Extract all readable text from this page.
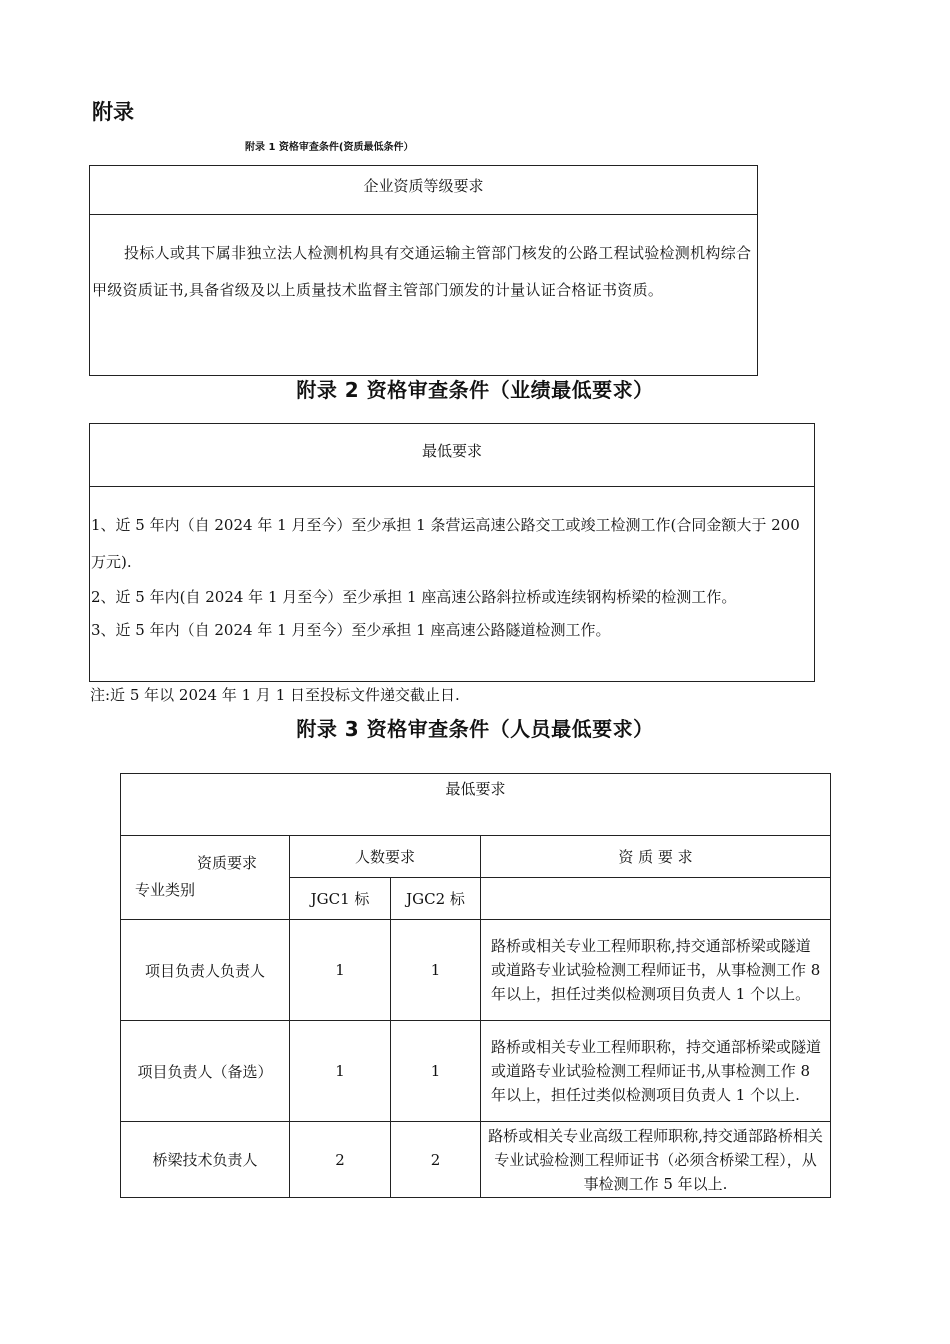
附录
附录 1 资格审查条件(资质最低条件）
企业资质等级要求
投标人或其下属非独立法人检测机构具有交通运输主管部门核发的公路工程试验检测机构综合甲级资质证书,具备省级及以上质量技术监督主管部门颁发的计量认证合格证书资质。
附录 2 资格审查条件（业绩最低要求）
最低要求
1、近 5 年内（自 2024 年 1 月至今）至少承担 1 条营运高速公路交工或竣工检测工作(合同金额大于 200 万元).
2、近 5 年内(自 2024 年 1 月至今）至少承担 1 座高速公路斜拉桥或连续钢构桥梁的检测工作。
3、近 5 年内（自 2024 年 1 月至今）至少承担 1 座高速公路隧道检测工作。
注:近 5 年以 2024 年 1 月 1 日至投标文件递交截止日.
附录 3 资格审查条件（人员最低要求）
最低要求			

资质要求
专业类别	人数要求		资 质 要 求
	JGC1 标	JGC2 标	
项目负责人负责人	1	1	路桥或相关专业工程师职称,持交通部桥梁或隧道或道路专业试验检测工程师证书，从事检测工作 8 年以上，担任过类似检测项目负责人 1 个以上。
项目负责人（备选）	1	1	路桥或相关专业工程师职称，持交通部桥梁或隧道或道路专业试验检测工程师证书,从事检测工作 8 年以上，担任过类似检测项目负责人 1 个以上.
桥梁技术负责人	2	2	路桥或相关专业高级工程师职称,持交通部路桥相关专业试验检测工程师证书（必须含桥梁工程），从事检测工作 5 年以上.
